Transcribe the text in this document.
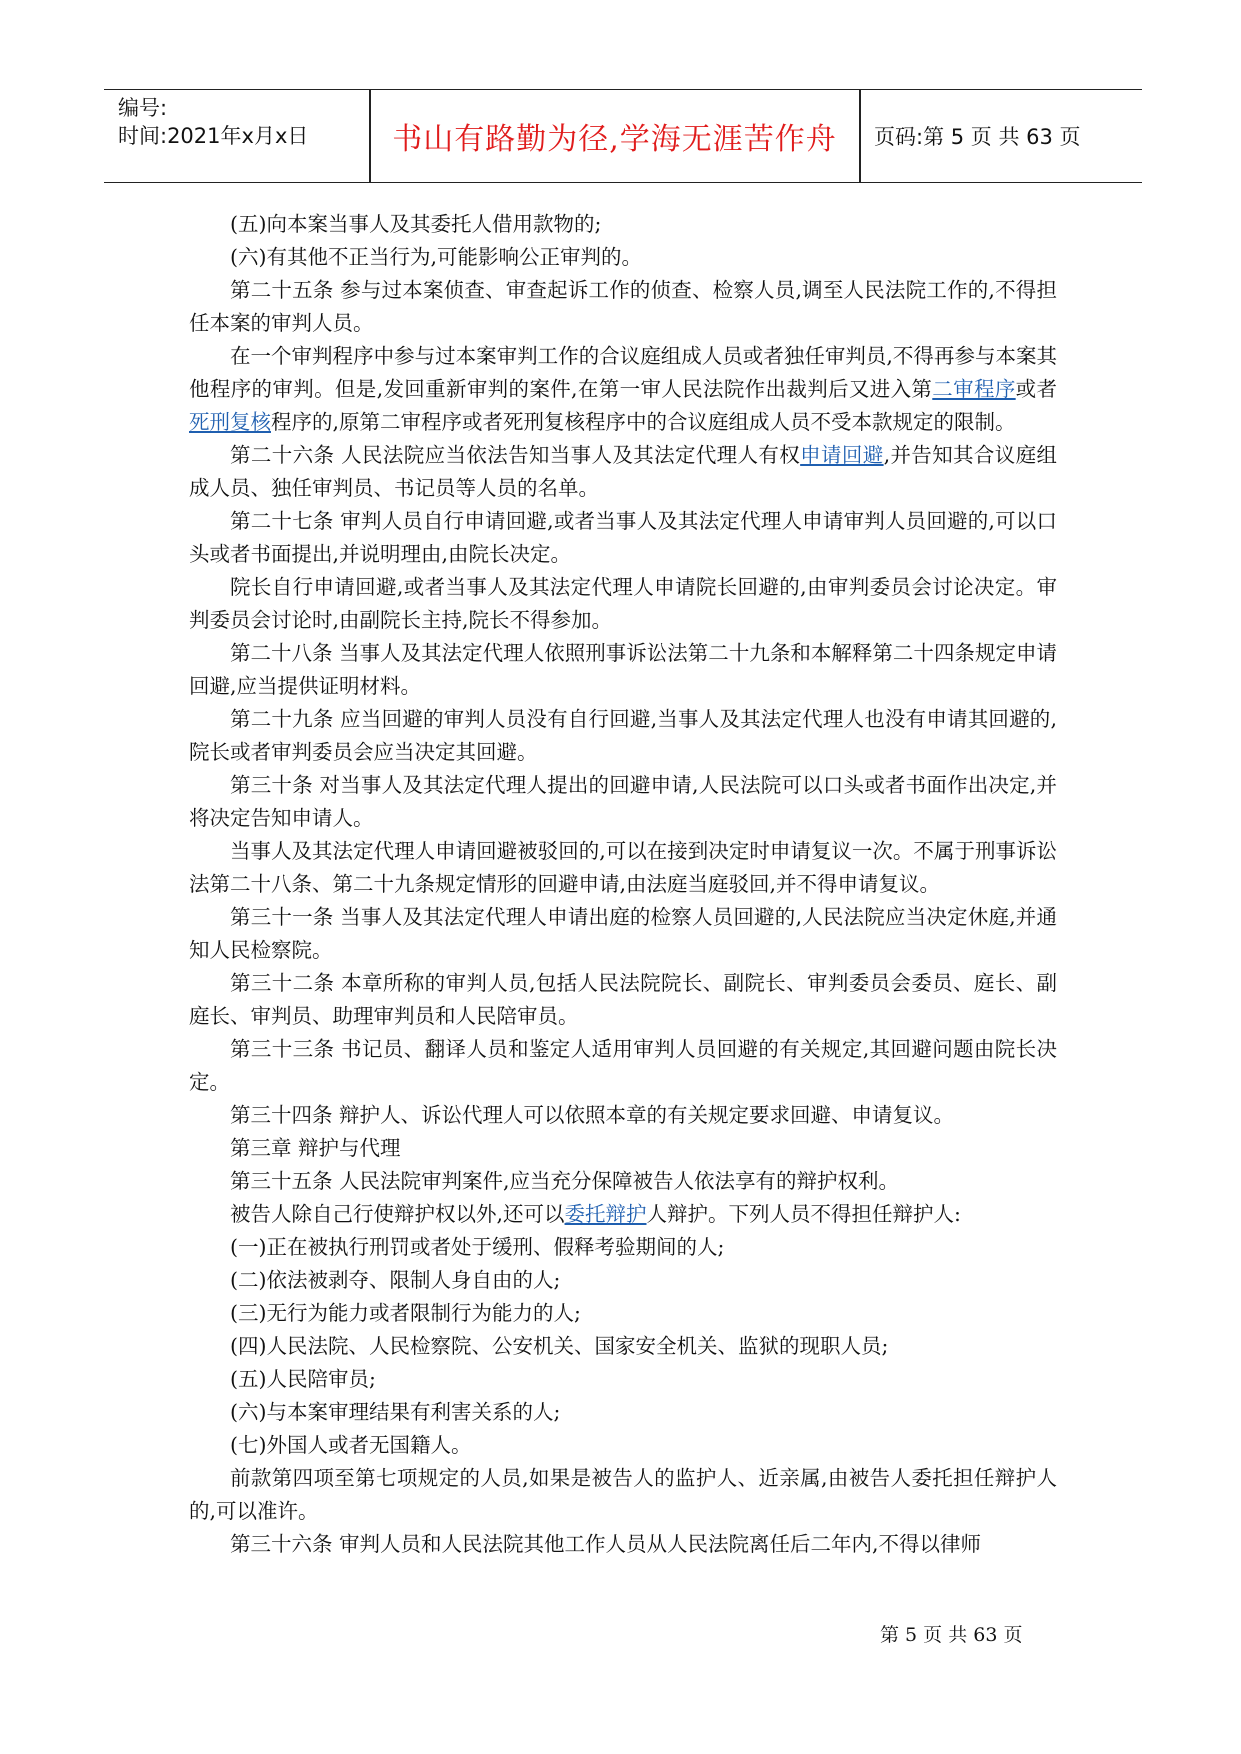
编号:
时间:2021年x月x日	书山有路勤为径,学海无涯苦作舟	页码:第 5 页 共 63 页

(五)向本案当事人及其委托人借用款物的;

(六)有其他不正当行为,可能影响公正审判的。

第二十五条 参与过本案侦查、审查起诉工作的侦查、检察人员,调至人民法院工作的,不得担任本案的审判人员。

在一个审判程序中参与过本案审判工作的合议庭组成人员或者独任审判员,不得再参与本案其他程序的审判。但是,发回重新审判的案件,在第一审人民法院作出裁判后又进入第二审程序或者死刑复核程序的,原第二审程序或者死刑复核程序中的合议庭组成人员不受本款规定的限制。

第二十六条 人民法院应当依法告知当事人及其法定代理人有权申请回避,并告知其合议庭组成人员、独任审判员、书记员等人员的名单。

第二十七条 审判人员自行申请回避,或者当事人及其法定代理人申请审判人员回避的,可以口头或者书面提出,并说明理由,由院长决定。

院长自行申请回避,或者当事人及其法定代理人申请院长回避的,由审判委员会讨论决定。审判委员会讨论时,由副院长主持,院长不得参加。

第二十八条 当事人及其法定代理人依照刑事诉讼法第二十九条和本解释第二十四条规定申请回避,应当提供证明材料。

第二十九条 应当回避的审判人员没有自行回避,当事人及其法定代理人也没有申请其回避的,院长或者审判委员会应当决定其回避。

第三十条 对当事人及其法定代理人提出的回避申请,人民法院可以口头或者书面作出决定,并将决定告知申请人。

当事人及其法定代理人申请回避被驳回的,可以在接到决定时申请复议一次。不属于刑事诉讼法第二十八条、第二十九条规定情形的回避申请,由法庭当庭驳回,并不得申请复议。

第三十一条 当事人及其法定代理人申请出庭的检察人员回避的,人民法院应当决定休庭,并通知人民检察院。

第三十二条 本章所称的审判人员,包括人民法院院长、副院长、审判委员会委员、庭长、副庭长、审判员、助理审判员和人民陪审员。

第三十三条 书记员、翻译人员和鉴定人适用审判人员回避的有关规定,其回避问题由院长决定。

第三十四条 辩护人、诉讼代理人可以依照本章的有关规定要求回避、申请复议。

第三章 辩护与代理

第三十五条 人民法院审判案件,应当充分保障被告人依法享有的辩护权利。

被告人除自己行使辩护权以外,还可以委托辩护人辩护。下列人员不得担任辩护人:

(一)正在被执行刑罚或者处于缓刑、假释考验期间的人;

(二)依法被剥夺、限制人身自由的人;

(三)无行为能力或者限制行为能力的人;

(四)人民法院、人民检察院、公安机关、国家安全机关、监狱的现职人员;

(五)人民陪审员;

(六)与本案审理结果有利害关系的人;

(七)外国人或者无国籍人。

前款第四项至第七项规定的人员,如果是被告人的监护人、近亲属,由被告人委托担任辩护人的,可以准许。

第三十六条 审判人员和人民法院其他工作人员从人民法院离任后二年内,不得以律师

第 5 页 共 63 页
